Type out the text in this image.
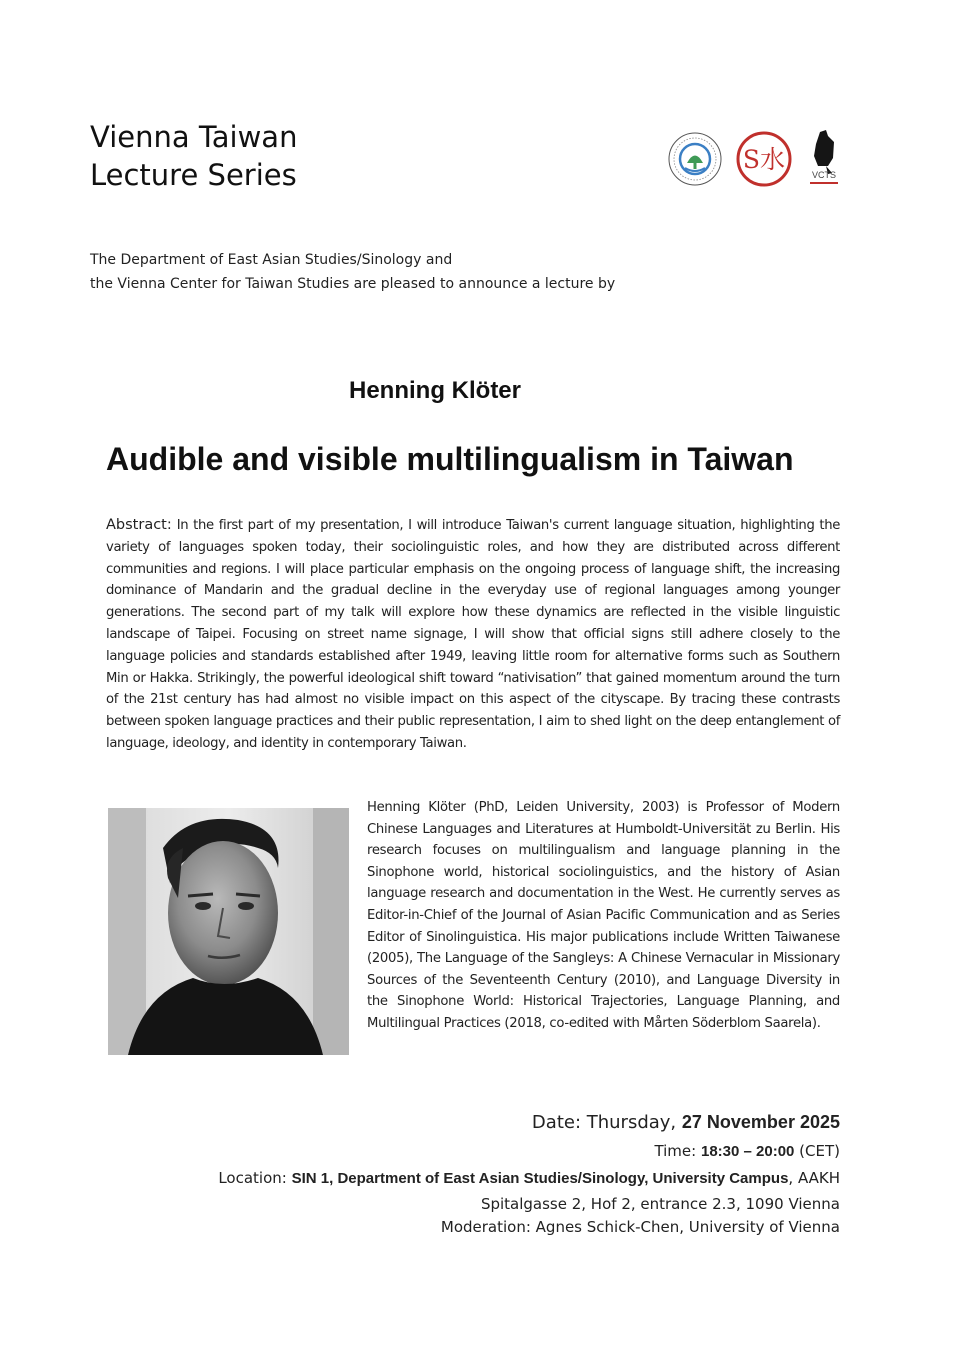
Vienna Taiwan
Lecture Series	S水
VCTS
The Department of East Asian Studies/Sinology and
the Vienna Center for Taiwan Studies are pleased to announce a lecture by
Henning Klöter
Audible and visible multilingualism in Taiwan
Abstract: In the first part of my presentation, I will introduce Taiwan's current language situation, highlighting the variety of languages spoken today, their sociolinguistic roles, and how they are distributed across different communities and regions. I will place particular emphasis on the ongoing process of language shift, the increasing dominance of Mandarin and the gradual decline in the everyday use of regional languages among younger generations. The second part of my talk will explore how these dynamics are reflected in the visible linguistic landscape of Taipei. Focusing on street name signage, I will show that official signs still adhere closely to the language policies and standards established after 1949, leaving little room for alternative forms such as Southern Min or Hakka. Strikingly, the powerful ideological shift toward “nativisation” that gained momentum around the turn of the 21st century has had almost no visible impact on this aspect of the cityscape. By tracing these contrasts between spoken language practices and their public representation, I aim to shed light on the deep entanglement of language, ideology, and identity in contemporary Taiwan.
Henning Klöter (PhD, Leiden University, 2003) is Professor of Modern Chinese Languages and Literatures at Humboldt-Universität zu Berlin. His research focuses on multilingualism and language planning in the Sinophone world, historical sociolinguistics, and the history of Asian language research and documentation in the West. He currently serves as Editor-in-Chief of the Journal of Asian Pacific Communication and as Series Editor of Sinolinguistica. His major publications include Written Taiwanese (2005), The Language of the Sangleys: A Chinese Vernacular in Missionary Sources of the Seventeenth Century (2010), and Language Diversity in the Sinophone World: Historical Trajectories, Language Planning, and Multilingual Practices (2018, co-edited with Mårten Söderblom Saarela).
Date: Thursday, 27 November 2025
Time: 18:30 – 20:00 (CET)
Location: SIN 1, Department of East Asian Studies/Sinology, University Campus, AAKH
Spitalgasse 2, Hof 2, entrance 2.3, 1090 Vienna
Moderation: Agnes Schick-Chen, University of Vienna
